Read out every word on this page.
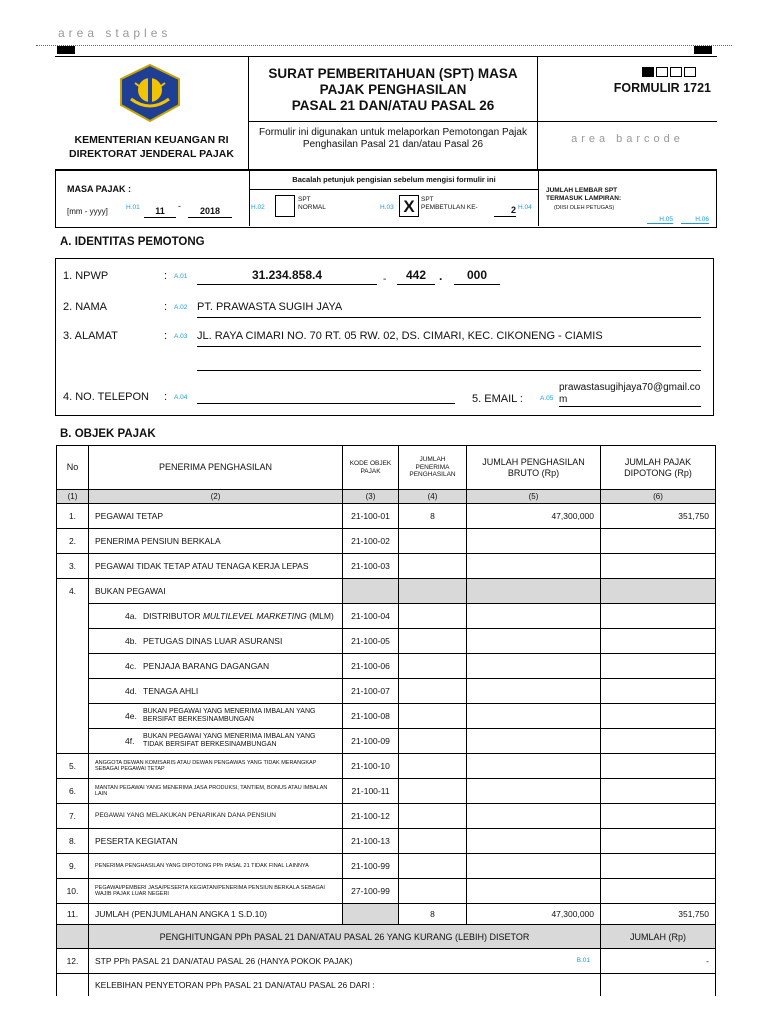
area staples
KEMENTERIAN KEUANGAN RI
DIREKTORAT JENDERAL PAJAK
SURAT PEMBERITAHUAN (SPT) MASA
PAJAK PENGHASILAN
PASAL 21 DAN/ATAU PASAL 26
Formulir ini digunakan untuk melaporkan Pemotongan Pajak Penghasilan Pasal 21 dan/atau Pasal 26
FORMULIR 1721
area barcode
MASA PAJAK :
[mm - yyyy]	H.01	11	-	2018
Bacalah petunjuk pengisian sebelum mengisi formulir ini
H.02
SPT
NORMAL	H.03 X SPT
PEMBETULAN KE-	2 H.04
JUMLAH LEMBAR SPT
TERMASUK LAMPIRAN:
(DIISI OLEH PETUGAS)
H.05	H.06
A. IDENTITAS PEMOTONG
1. NPWP	: A.01	31.234.858.4	-	442	.	000
2. NAMA	: A.02 PT. PRAWASTA SUGIH JAYA
3. ALAMAT	: A.03 JL. RAYA CIMARI NO. 70 RT. 05 RW. 02, DS. CIMARI, KEC. CIKONENG - CIAMIS
4. NO. TELEPON : A.04	5. EMAIL :	A.05
prawastasugihjaya70@gmail.com
B. OBJEK PAJAK
No	PENERIMA PENGHASILAN	KODE OBJEK PAJAK	JUMLAH PENERIMA PENGHASILAN	JUMLAH PENGHASILAN BRUTO (Rp)	JUMLAH PAJAK DIPOTONG (Rp)
(1)	(2)	(3)	(4)	(5)	(6)
1.	PEGAWAI TETAP	21-100-01	8	47,300,000	351,750
2.	PENERIMA PENSIUN BERKALA	21-100-02			
3.	PEGAWAI TIDAK TETAP ATAU TENAGA KERJA LEPAS	21-100-03			
4.	BUKAN PEGAWAI				
	4a. DISTRIBUTOR MULTILEVEL MARKETING (MLM)	21-100-04			
	4b. PETUGAS DINAS LUAR ASURANSI	21-100-05			
	4c. PENJAJA BARANG DAGANGAN	21-100-06			
	4d. TENAGA AHLI	21-100-07			

	4e. BUKAN PEGAWAI YANG MENERIMA IMBALAN YANG BERSIFAT BERKESINAMBUNGAN	21-100-08			

	4f. BUKAN PEGAWAI YANG MENERIMA IMBALAN YANG TIDAK BERSIFAT BERKESINAMBUNGAN	21-100-09			
5.	ANGGOTA DEWAN KOMISARIS ATAU DEWAN PENGAWAS YANG TIDAK MERANGKAP SEBAGAI PEGAWAI TETAP	21-100-10			
6.	MANTAN PEGAWAI YANG MENERIMA JASA PRODUKSI, TANTIEM, BONUS ATAU IMBALAN LAIN	21-100-11			
7.	PEGAWAI YANG MELAKUKAN PENARIKAN DANA PENSIUN	21-100-12			
8.	PESERTA KEGIATAN	21-100-13			
9.	PENERIMA PENGHASILAN YANG DIPOTONG PPh PASAL 21 TIDAK FINAL LAINNYA	21-100-99			
10.	PEGAWAI/PEMBERI JASA/PESERTA KEGIATAN/PENERIMA PENSIUN BERKALA SEBAGAI WAJIB PAJAK LUAR NEGERI	27-100-99			
11.	JUMLAH (PENJUMLAHAN ANGKA 1 S.D.10)		8	47,300,000	351,750
	PENGHITUNGAN PPh PASAL 21 DAN/ATAU PASAL 26 YANG KURANG (LEBIH) DISETOR				JUMLAH (Rp)
12.	STP PPh PASAL 21 DAN/ATAU PASAL 26 (HANYA POKOK PAJAK) B.01				-
	KELEBIHAN PENYETORAN PPh PASAL 21 DAN/ATAU PASAL 26 DARI :				
